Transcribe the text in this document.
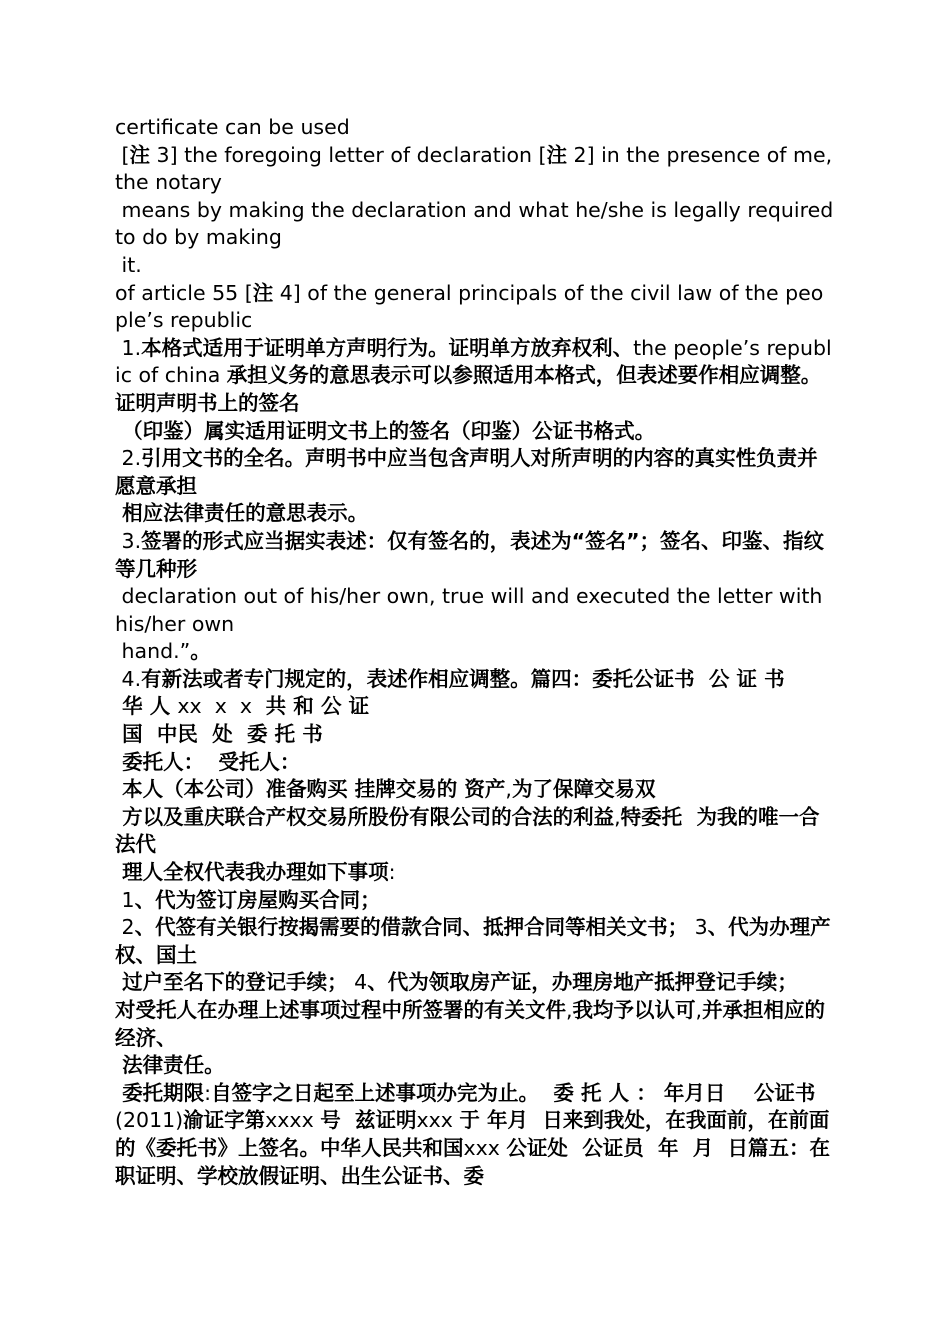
certificate can be used
[注 3] the foregoing letter of declaration [注 2] in the presence of me, the notary
means by making the declaration and what he/she is legally required to do by making
it.
of article 55 [注 4] of the general principals of the civil law of the people’s republic
1.本格式适用于证明单方声明行为。证明单方放弃权利、the people’s republic of china 承担义务的意思表示可以参照适用本格式，但表述要作相应调整。证明声明书上的签名
（印鉴）属实适用证明文书上的签名（印鉴）公证书格式。
2.引用文书的全名。声明书中应当包含声明人对所声明的内容的真实性负责并愿意承担
相应法律责任的意思表示。
3.签署的形式应当据实表述：仅有签名的，表述为“签名”；签名、印鉴、指纹等几种形
declaration out of his/her own, true will and executed the letter with his/her own
hand.”。
4.有新法或者专门规定的，表述作相应调整。篇四：委托公证书  公 证 书
华 人 xx  x  x  共 和 公 证
国  中民  处  委 托 书
委托人：  受托人：
本人（本公司）准备购买 挂牌交易的 资产,为了保障交易双
方以及重庆联合产权交易所股份有限公司的合法的利益,特委托  为我的唯一合法代
理人全权代表我办理如下事项:
1、代为签订房屋购买合同；
2、代签有关银行按揭需要的借款合同、抵押合同等相关文书； 3、代为办理产权、国土
过户至名下的登记手续； 4、代为领取房产证，办理房地产抵押登记手续；   对受托人在办理上述事项过程中所签署的有关文件,我均予以认可,并承担相应的经济、
法律责任。
委托期限:自签字之日起至上述事项办完为止。  委 托 人 ： 年月日    公证书  (2011)渝证字第xxxx 号  兹证明xxx 于 年月  日来到我处，在我面前，在前面的《委托书》上签名。中华人民共和国xxx 公证处  公证员  年  月  日篇五：在职证明、学校放假证明、出生公证书、委
